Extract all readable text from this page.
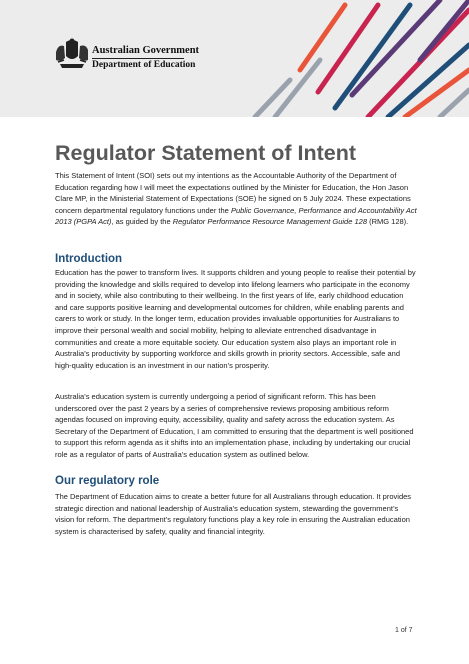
Australian Government
Department of Education
Regulator Statement of Intent
This Statement of Intent (SOI) sets out my intentions as the Accountable Authority of the Department of Education regarding how I will meet the expectations outlined by the Minister for Education, the Hon Jason Clare MP, in the Ministerial Statement of Expectations (SOE) he signed on 5 July 2024. These expectations concern departmental regulatory functions under the Public Governance, Performance and Accountability Act 2013 (PGPA Act), as guided by the Regulator Performance Resource Management Guide 128 (RMG 128).
Introduction
Education has the power to transform lives. It supports children and young people to realise their potential by providing the knowledge and skills required to develop into lifelong learners who participate in the economy and in society, while also contributing to their wellbeing. In the first years of life, early childhood education and care supports positive learning and developmental outcomes for children, while enabling parents and carers to work or study. In the longer term, education provides invaluable opportunities for Australians to improve their personal wealth and social mobility, helping to alleviate entrenched disadvantage in communities and create a more equitable society. Our education system also plays an important role in Australia’s productivity by supporting workforce and skills growth in priority sectors. Accessible, safe and high-quality education is an investment in our nation’s prosperity.
Australia’s education system is currently undergoing a period of significant reform. This has been underscored over the past 2 years by a series of comprehensive reviews proposing ambitious reform agendas focused on improving equity, accessibility, quality and safety across the education system. As Secretary of the Department of Education, I am committed to ensuring that the department is well positioned to support this reform agenda as it shifts into an implementation phase, including by undertaking our crucial role as a regulator of parts of Australia’s education system as outlined below.
Our regulatory role
The Department of Education aims to create a better future for all Australians through education. It provides strategic direction and national leadership of Australia’s education system, stewarding the government’s vision for reform. The department’s regulatory functions play a key role in ensuring the Australian education system is characterised by safety, quality and financial integrity.
1 of 7
